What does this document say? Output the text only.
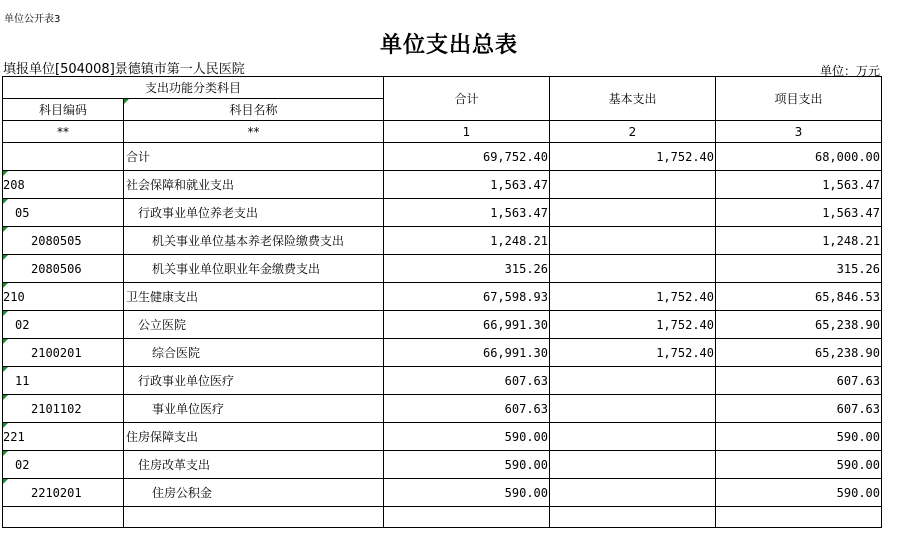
单位公开表3
单位支出总表
填报单位[504008]景德镇市第一人民医院	单位：万元
支出功能分类科目		合计	基本支出	项目支出
科目编码	科目名称			
**	**	1	2	3
	合计	69,752.40	1,752.40	68,000.00
208	社会保障和就业支出	1,563.47		1,563.47
05	行政事业单位养老支出	1,563.47		1,563.47
2080505	机关事业单位基本养老保险缴费支出	1,248.21		1,248.21
2080506	机关事业单位职业年金缴费支出	315.26		315.26
210	卫生健康支出	67,598.93	1,752.40	65,846.53
02	公立医院	66,991.30	1,752.40	65,238.90
2100201	综合医院	66,991.30	1,752.40	65,238.90
11	行政事业单位医疗	607.63		607.63
2101102	事业单位医疗	607.63		607.63
221	住房保障支出	590.00		590.00
02	住房改革支出	590.00		590.00
2210201	住房公积金	590.00		590.00
